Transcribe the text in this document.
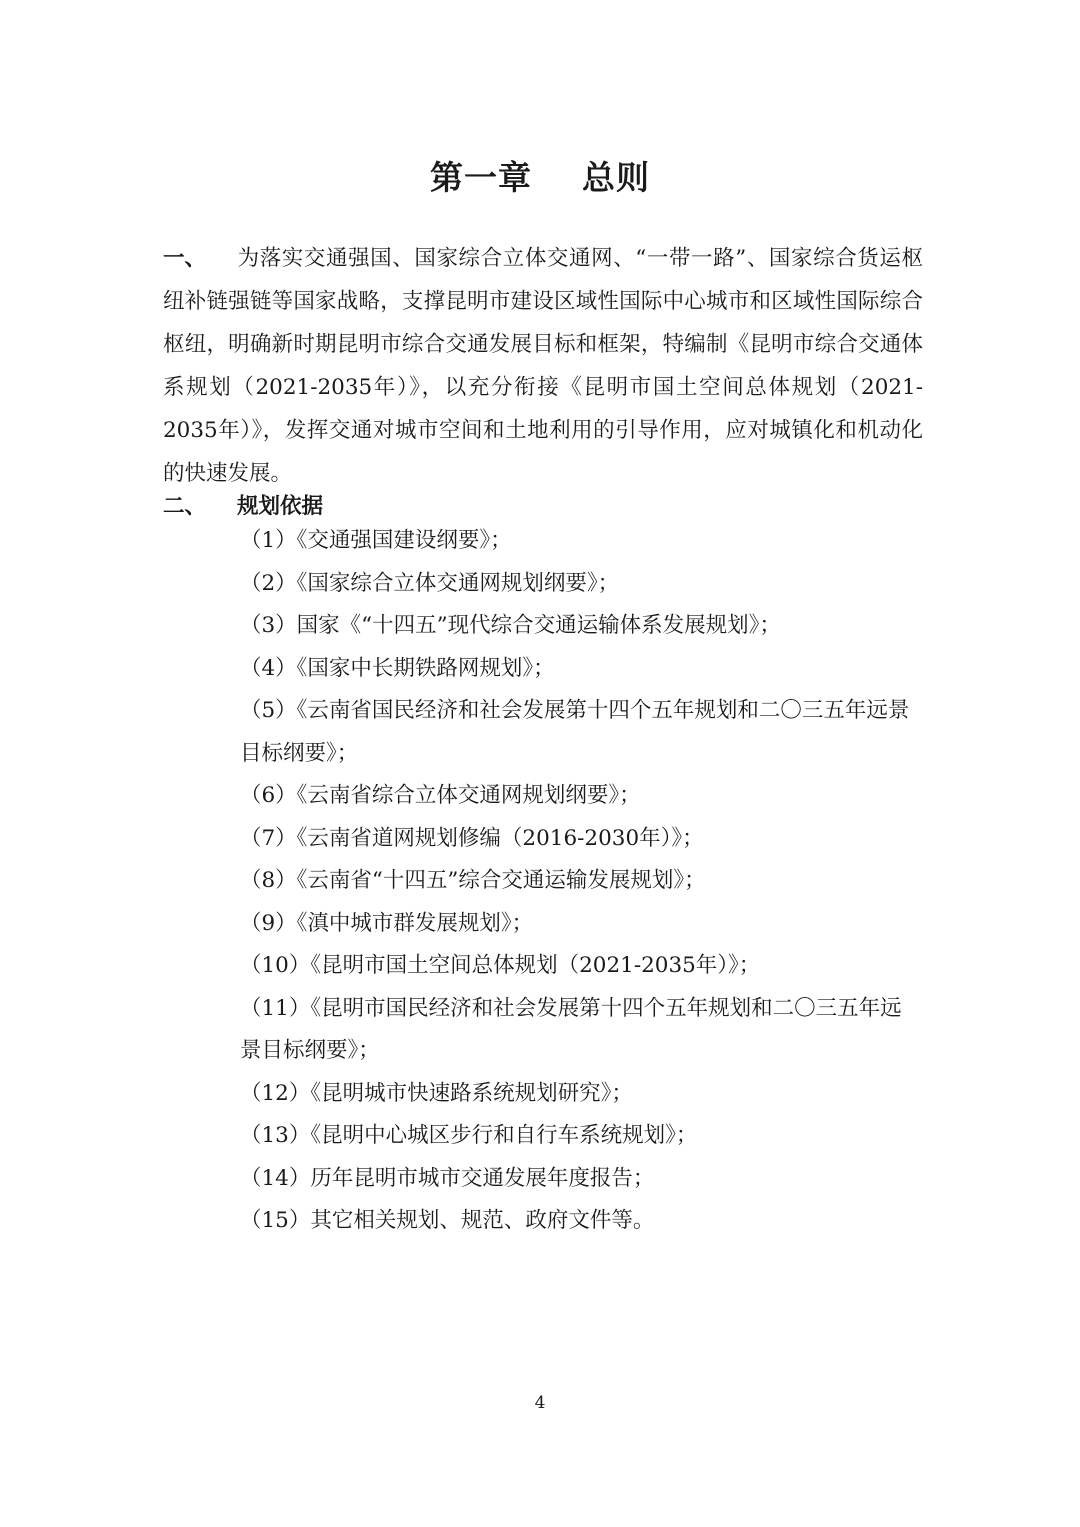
第一章    总则
一、 为落实交通强国、国家综合立体交通网、“一带一路”、国家综合货运枢纽补链强链等国家战略，支撑昆明市建设区域性国际中心城市和区域性国际综合枢纽，明确新时期昆明市综合交通发展目标和框架，特编制《昆明市综合交通体系规划（2021-2035年）》，以充分衔接《昆明市国土空间总体规划（2021-2035年）》，发挥交通对城市空间和土地利用的引导作用，应对城镇化和机动化的快速发展。
二、 规划依据
（1）《交通强国建设纲要》；
（2）《国家综合立体交通网规划纲要》；
（3）国家《“十四五”现代综合交通运输体系发展规划》；
（4）《国家中长期铁路网规划》；
（5）《云南省国民经济和社会发展第十四个五年规划和二〇三五年远景目标纲要》；
（6）《云南省综合立体交通网规划纲要》；
（7）《云南省道网规划修编（2016-2030年）》；
（8）《云南省“十四五”综合交通运输发展规划》；
（9）《滇中城市群发展规划》；
（10）《昆明市国土空间总体规划（2021-2035年）》；
（11）《昆明市国民经济和社会发展第十四个五年规划和二〇三五年远景目标纲要》；
（12）《昆明城市快速路系统规划研究》；
（13）《昆明中心城区步行和自行车系统规划》；
（14）历年昆明市城市交通发展年度报告；
（15）其它相关规划、规范、政府文件等。
4
